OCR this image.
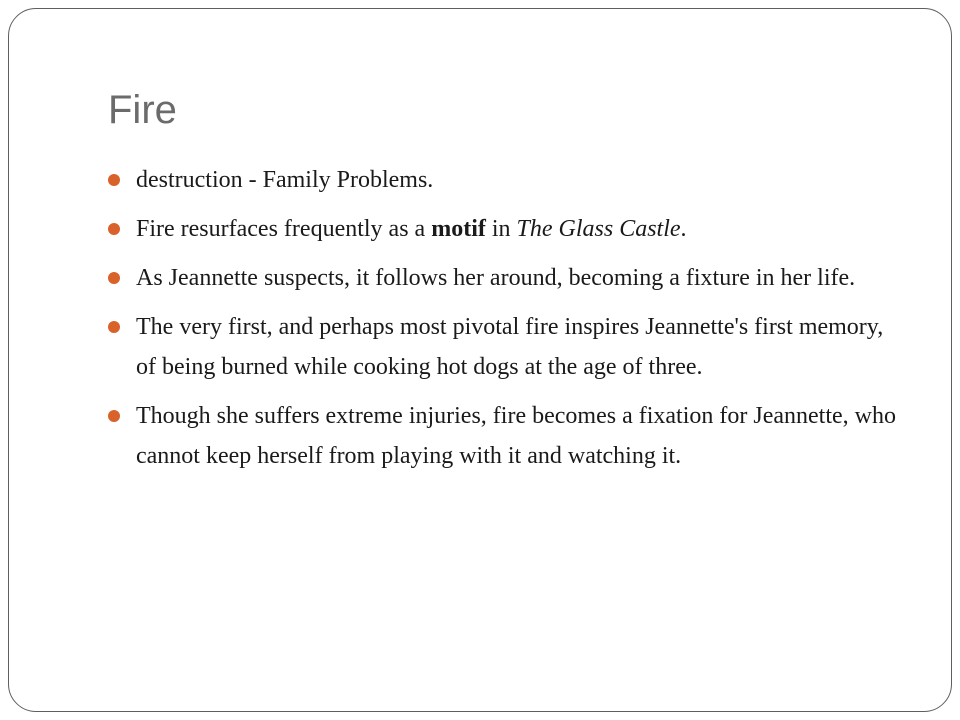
Fire
destruction - Family Problems.
Fire resurfaces frequently as a motif in The Glass Castle.
As Jeannette suspects, it follows her around, becoming a fixture in her life.
The very first, and perhaps most pivotal fire inspires Jeannette's first memory, of being burned while cooking hot dogs at the age of three.
Though she suffers extreme injuries, fire becomes a fixation for Jeannette, who cannot keep herself from playing with it and watching it.
